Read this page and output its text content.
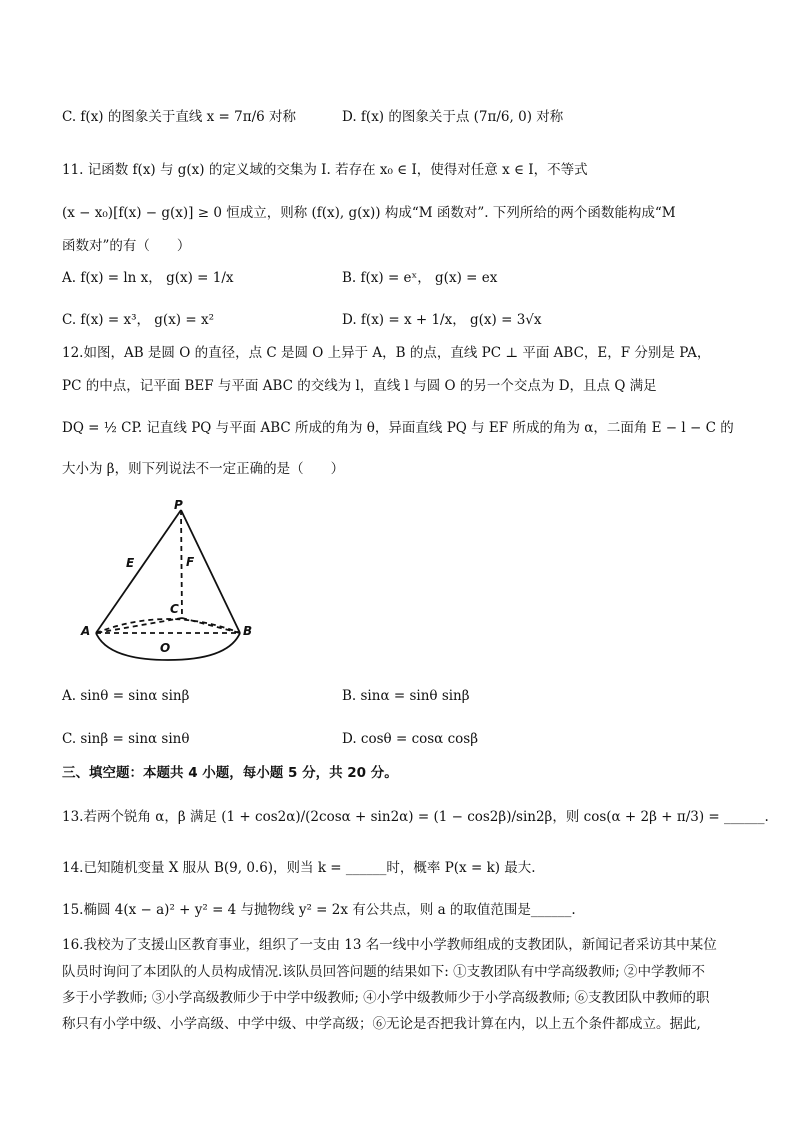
C. f(x) 的图象关于直线 x = 7π/6 对称	D. f(x) 的图象关于点 (7π/6, 0) 对称
11. 记函数 f(x) 与 g(x) 的定义域的交集为 I. 若存在 x₀ ∈ I，使得对任意 x ∈ I，不等式
(x − x₀)[f(x) − g(x)] ≥ 0 恒成立，则称 (f(x), g(x)) 构成“M 函数对”. 下列所给的两个函数能构成“M
函数对”的有（　　）
A. f(x) = ln x， g(x) = 1/x	B. f(x) = eˣ， g(x) = ex
C. f(x) = x³， g(x) = x²	D. f(x) = x + 1/x， g(x) = 3√x
12.如图，AB 是圆 O 的直径，点 C 是圆 O 上异于 A，B 的点，直线 PC ⊥ 平面 ABC，E，F 分别是 PA，
PC 的中点，记平面 BEF 与平面 ABC 的交线为 l，直线 l 与圆 O 的另一个交点为 D，且点 Q 满足
DQ = ½ CP. 记直线 PQ 与平面 ABC 所成的角为 θ，异面直线 PQ 与 EF 所成的角为 α，二面角 E − l − C 的
大小为 β，则下列说法不一定正确的是（　　）
P
E	F
C
A	B
O
A. sinθ = sinα sinβ	B. sinα = sinθ sinβ
C. sinβ = sinα sinθ	D. cosθ = cosα cosβ
三、填空题：本题共 4 小题，每小题 5 分，共 20 分。
13.若两个锐角 α，β 满足 (1 + cos2α)/(2cosα + sin2α) = (1 − cos2β)/sin2β，则 cos(α + 2β + π/3) = ______.
14.已知随机变量 X 服从 B(9, 0.6)，则当 k = ______时，概率 P(x = k) 最大.
15.椭圆 4(x − a)² + y² = 4 与抛物线 y² = 2x 有公共点，则 a 的取值范围是______.
16.我校为了支援山区教育事业，组织了一支由 13 名一线中小学教师组成的支教团队，新闻记者采访其中某位
队员时询问了本团队的人员构成情况.该队员回答问题的结果如下: ①支教团队有中学高级教师; ②中学教师不
多于小学教师; ③小学高级教师少于中学中级教师; ④小学中级教师少于小学高级教师; ⑥支教团队中教师的职
称只有小学中级、小学高级、中学中级、中学高级；⑥无论是否把我计算在内，以上五个条件都成立。据此,
